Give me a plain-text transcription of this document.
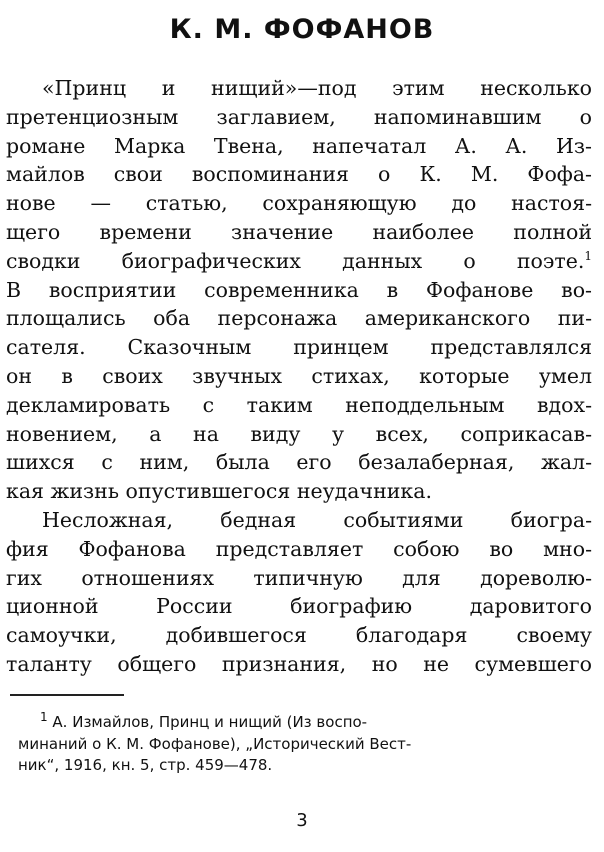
К. М. ФОФАНОВ
«Принц и нищий»—под этим несколько
претенциозным заглавием, напоминавшим о
романе Марка Твена, напечатал А. А. Из-
майлов свои воспоминания о К. М. Фофа-
нове — статью, сохраняющую до настоя-
щего времени значение наиболее полной
сводки биографических данных о поэте.$^1$
В восприятии современника в Фофанове во-
площались оба персонажа американского пи-
сателя. Сказочным принцем представлялся
он в своих звучных стихах, которые умел
декламировать с таким неподдельным вдох-
новением, а на виду у всех, соприкасав-
шихся с ним, была его безалаберная, жал-
кая жизнь опустившегося неудачника.
Несложная, бедная событиями биогра-
фия Фофанова представляет собою во мно-
гих отношениях типичную для дореволю-
ционной России биографию даровитого
самоучки, добившегося благодаря своему
таланту общего признания, но не сумевшего
$^1$ А. Измайлов, Принц и нищий (Из воспо-
минаний о К. М. Фофанове), „Исторический Вест-
ник“, 1916, кн. 5, стр. 459—478.
3
